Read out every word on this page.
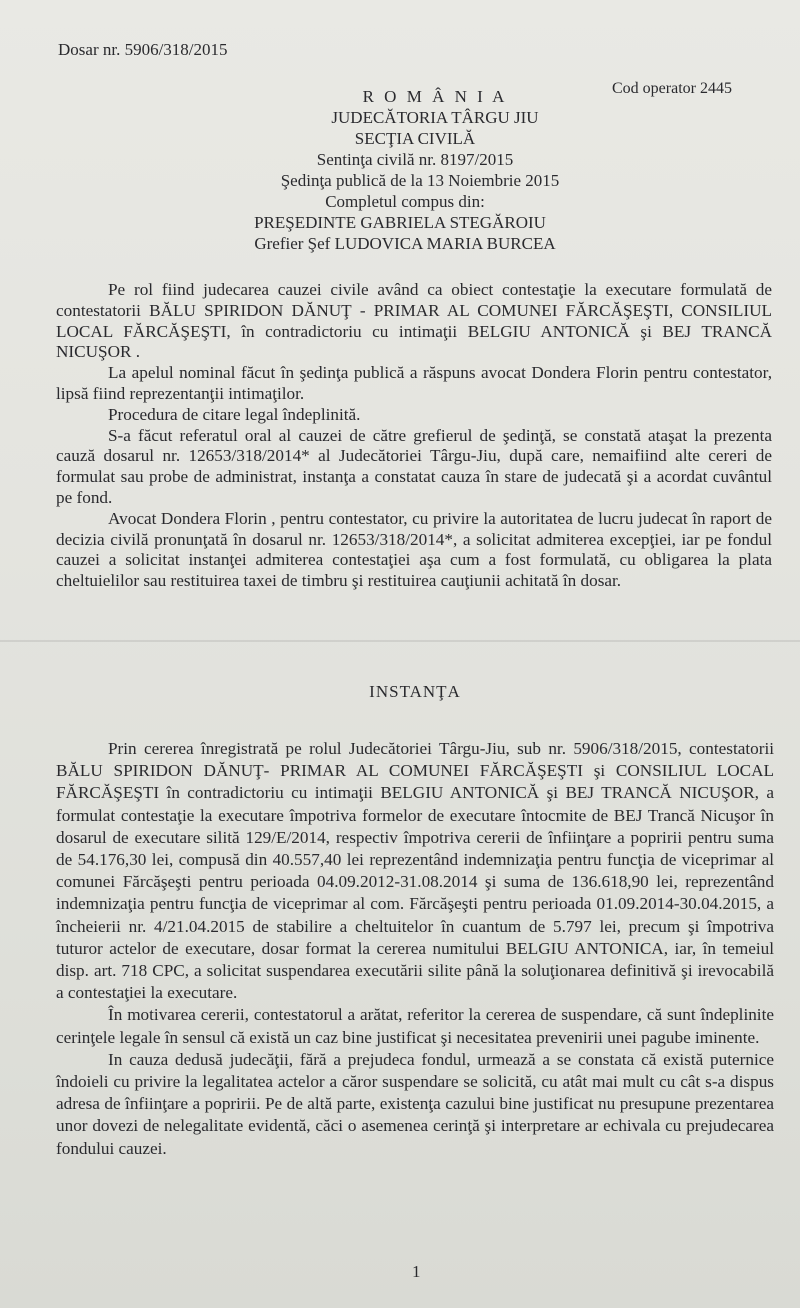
Dosar nr. 5906/318/2015
Cod operator 2445
R O M Â N I A
JUDECĂTORIA TÂRGU JIU
SECŢIA CIVILĂ
Sentinţa civilă nr. 8197/2015
Şedinţa publică de la 13 Noiembrie 2015
Completul compus din:
PREŞEDINTE GABRIELA STEGĂROIU
Grefier Şef LUDOVICA MARIA BURCEA

Pe rol fiind judecarea cauzei civile având ca obiect contestaţie la executare formulată de contestatorii BĂLU SPIRIDON DĂNUŢ - PRIMAR AL COMUNEI FĂRCĂŞEŞTI, CONSILIUL LOCAL FĂRCĂŞEŞTI, în contradictoriu cu intimaţii BELGIU ANTONICĂ şi BEJ TRANCĂ NICUŞOR .

La apelul nominal făcut în şedinţa publică a răspuns avocat Dondera Florin pentru contestator, lipsă fiind reprezentanţii intimaţilor.

Procedura de citare legal îndeplinită.

S-a făcut referatul oral al cauzei de către grefierul de şedinţă, se constată ataşat la prezenta cauză dosarul nr. 12653/318/2014* al Judecătoriei Târgu-Jiu, după care, nemaifiind alte cereri de formulat sau probe de administrat, instanţa a constatat cauza în stare de judecată şi a acordat cuvântul pe fond.

Avocat Dondera Florin , pentru contestator, cu privire la autoritatea de lucru judecat în raport de decizia civilă pronunţată în dosarul nr. 12653/318/2014*, a solicitat admiterea excepţiei, iar pe fondul cauzei a solicitat instanţei admiterea contestaţiei aşa cum a fost formulată, cu obligarea la plata cheltuielilor sau restituirea taxei de timbru şi restituirea cauţiunii achitată în dosar.

INSTANŢA

Prin cererea înregistrată pe rolul Judecătoriei Târgu-Jiu, sub nr. 5906/318/2015, contestatorii BĂLU SPIRIDON DĂNUŢ- PRIMAR AL COMUNEI FĂRCĂŞEŞTI şi CONSILIUL LOCAL FĂRCĂŞEŞTI în contradictoriu cu intimaţii BELGIU ANTONICĂ şi BEJ TRANCĂ NICUŞOR, a formulat contestaţie la executare împotriva formelor de executare întocmite de BEJ Trancă Nicuşor în dosarul de executare silită 129/E/2014, respectiv împotriva cererii de înfiinţare a popririi pentru suma de 54.176,30 lei, compusă din 40.557,40 lei reprezentând indemnizaţia pentru funcţia de viceprimar al comunei Fărcăşeşti pentru perioada 04.09.2012-31.08.2014 şi suma de 136.618,90 lei, reprezentând indemnizaţia pentru funcţia de viceprimar al com. Fărcăşeşti pentru perioada 01.09.2014-30.04.2015, a încheierii nr. 4/21.04.2015 de stabilire a cheltuitelor în cuantum de 5.797 lei, precum şi împotriva tuturor actelor de executare, dosar format la cererea numitului BELGIU ANTONICA, iar, în temeiul disp. art. 718 CPC, a solicitat suspendarea executării silite până la soluţionarea definitivă şi irevocabilă a contestaţiei la executare.

În motivarea cererii, contestatorul a arătat, referitor la cererea de suspendare, că sunt îndeplinite cerinţele legale în sensul că există un caz bine justificat şi necesitatea prevenirii unei pagube iminente.

In cauza dedusă judecăţii, fără a prejudeca fondul, urmează a se constata că există puternice îndoieli cu privire la legalitatea actelor a căror suspendare se solicită, cu atât mai mult cu cât s-a dispus adresa de înfiinţare a popririi. Pe de altă parte, existenţa cazului bine justificat nu presupune prezentarea unor dovezi de nelegalitate evidentă, căci o asemenea cerinţă şi interpretare ar echivala cu prejudecarea fondului cauzei.

1
